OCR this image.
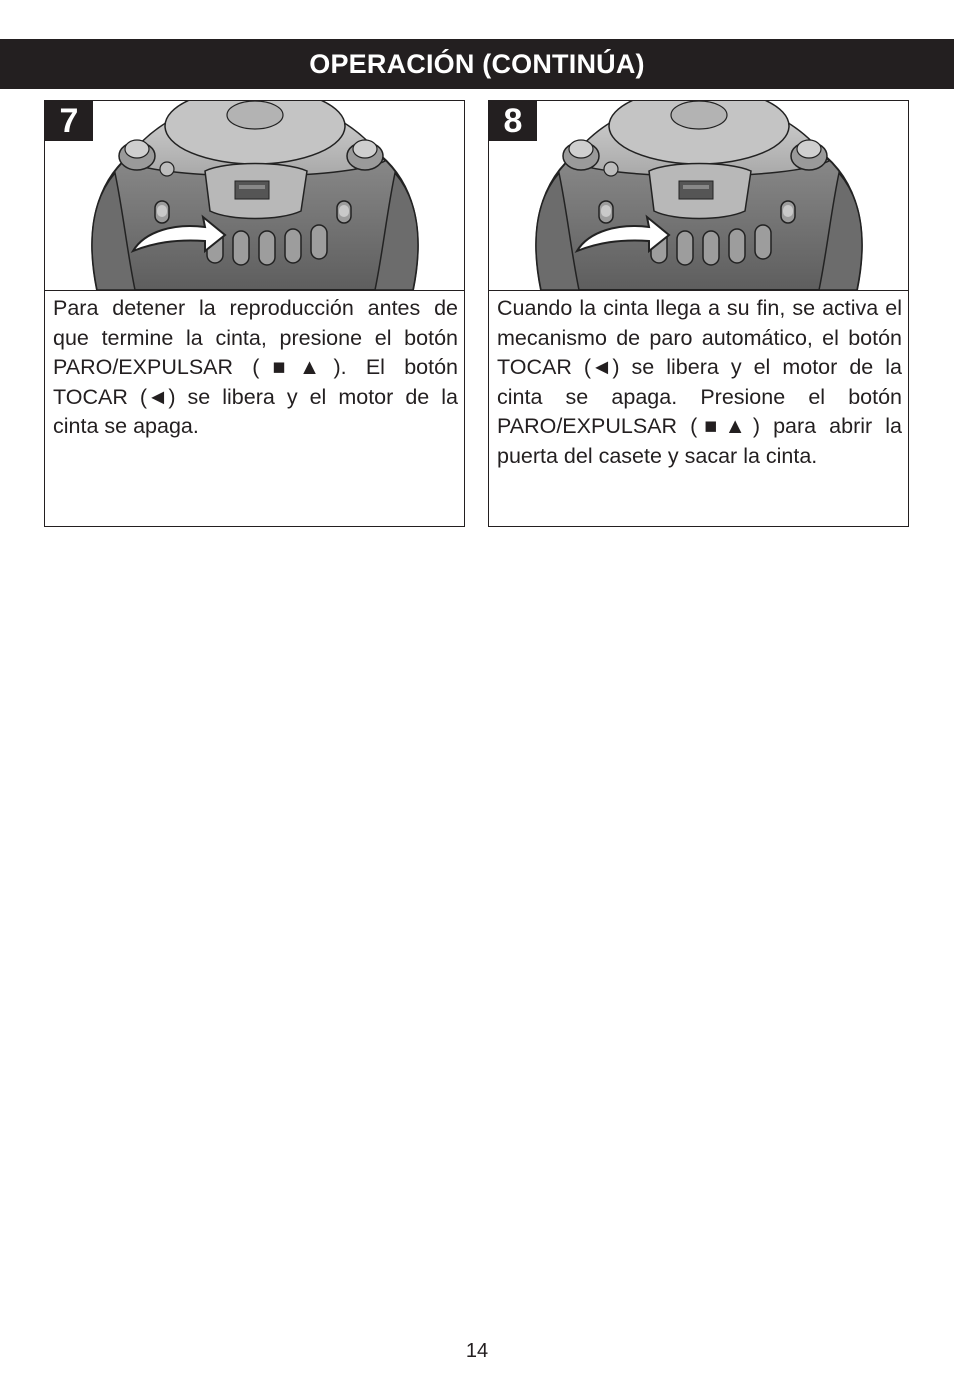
OPERACIÓN (CONTINÚA)
7

Para detener la reproducción antes de que termine la cinta, presione el botón PARO/EXPULSAR (■▲). El botón TOCAR (◄) se libera y el motor de la cinta se apaga.

8

Cuando la cinta llega a su fin, se activa el mecanismo de paro automático, el botón TOCAR (◄) se libera y el motor de la cinta se apaga. Presione el botón PARO/EXPULSAR (■▲) para abrir la puerta del casete y sacar la cinta.

14
